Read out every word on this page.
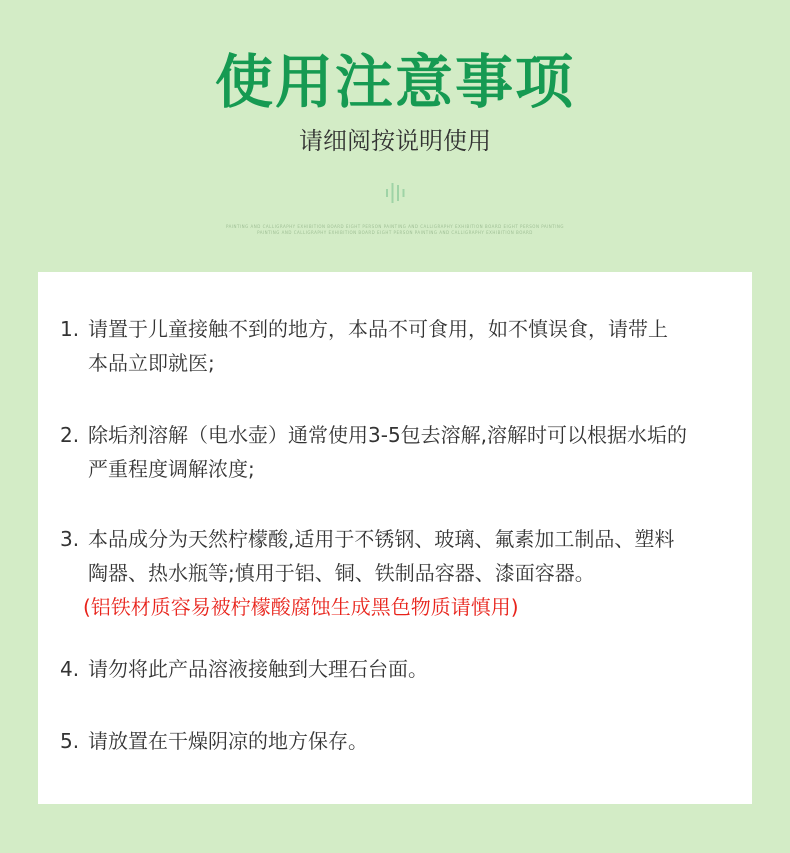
使用注意事项
请细阅按说明使用
PAINTING AND CALLIGRAPHY EXHIBITION BOARD EIGHT PERSON PAINTING AND CALLIGRAPHY EXHIBITION BOARD EIGHT PERSON PAINTING
PAINTING AND CALLIGRAPHY EXHIBITION BOARD EIGHT PERSON PAINTING AND CALLIGRAPHY EXHIBITION BOARD
1. 请置于儿童接触不到的地方，本品不可食用，如不慎误食，请带上
本品立即就医;
2. 除垢剂溶解（电水壶）通常使用3-5包去溶解,溶解时可以根据水垢的
严重程度调解浓度;
3. 本品成分为天然柠檬酸,适用于不锈钢、玻璃、氟素加工制品、塑料
陶器、热水瓶等;慎用于铝、铜、铁制品容器、漆面容器。
(铝铁材质容易被柠檬酸腐蚀生成黑色物质请慎用)
4. 请勿将此产品溶液接触到大理石台面。
5. 请放置在干燥阴凉的地方保存。
